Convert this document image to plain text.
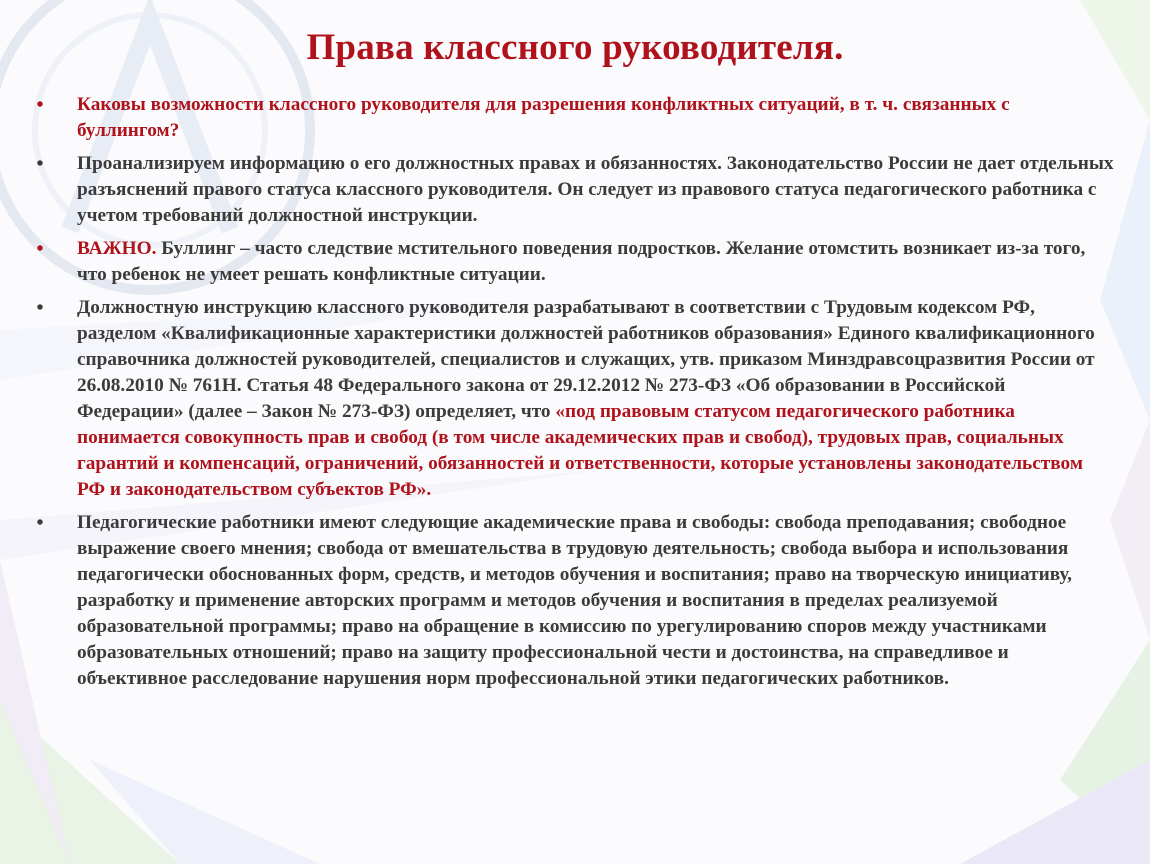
Права классного руководителя.
•	Каковы возможности классного руководителя для разрешения конфликтных ситуаций, в т. ч. связанных с буллингом?
•	Проанализируем информацию о его должностных правах и обязанностях. Законодательство России не дает отдельных разъяснений правого статуса классного руководителя. Он следует из правового статуса педагогического работника с учетом требований должностной инструкции.
•	ВАЖНО. Буллинг – часто следствие мстительного поведения подростков. Желание отомстить возникает из-за того, что ребенок не умеет решать конфликтные ситуации.
•	Должностную инструкцию классного руководителя разрабатывают в соответствии с Трудовым кодексом РФ, разделом «Квалификационные характеристики должностей работников образования» Единого квалификационного справочника должностей руководителей, специалистов и служащих, утв. приказом Минздравсоцразвития России от 26.08.2010 № 761Н. Статья 48 Федерального закона от 29.12.2012 № 273-ФЗ «Об образовании в Российской Федерации» (далее – Закон № 273-ФЗ) определяет, что «под правовым статусом педагогического работника понимается совокупность прав и свобод (в том числе академических прав и свобод), трудовых прав, социальных гарантий и компенсаций, ограничений, обязанностей и ответственности, которые установлены законодательством РФ и законодательством субъектов РФ».
•	Педагогические работники имеют следующие академические права и свободы: свобода преподавания; свободное выражение своего мнения; свобода от вмешательства в трудовую деятельность; свобода выбора и использования педагогически обоснованных форм, средств, и методов обучения и воспитания; право на творческую инициативу, разработку и применение авторских программ и методов обучения и воспитания в пределах реализуемой образовательной программы; право на обращение в комиссию по урегулированию споров между участниками образовательных отношений; право на защиту профессиональной чести и достоинства, на справедливое и объективное расследование нарушения норм профессиональной этики педагогических работников.
